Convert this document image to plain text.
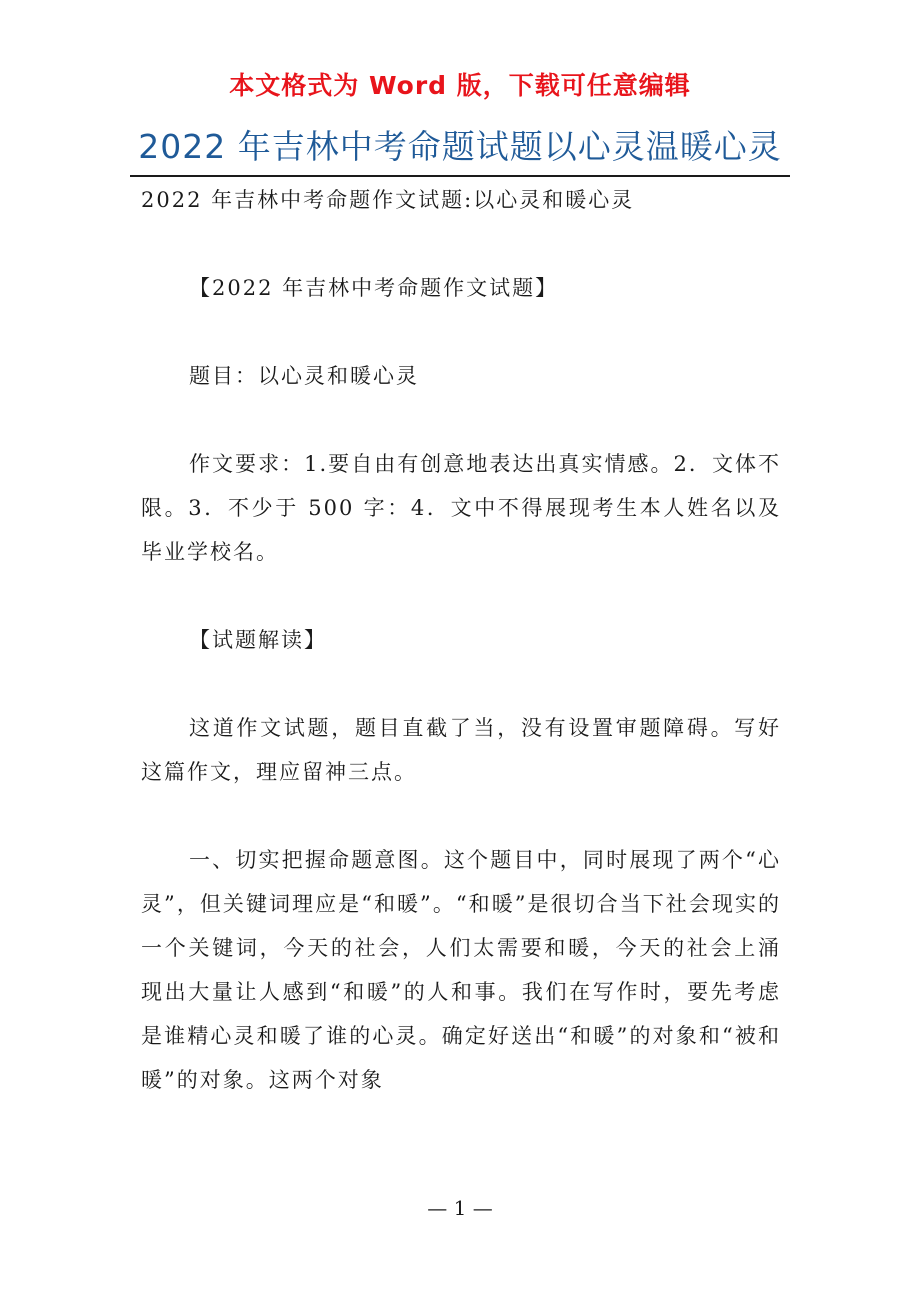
本文格式为 Word 版，下载可任意编辑
2022 年吉林中考命题试题以心灵温暖心灵

2022 年吉林中考命题作文试题:以心灵和暖心灵

【2022 年吉林中考命题作文试题】

题目：以心灵和暖心灵

作文要求：1.要自由有创意地表达出真实情感。2．文体不限。3．不少于 500 字：4．文中不得展现考生本人姓名以及毕业学校名。

【试题解读】

这道作文试题，题目直截了当，没有设置审题障碍。写好这篇作文，理应留神三点。

一、切实把握命题意图。这个题目中，同时展现了两个“心灵”，但关键词理应是“和暖”。“和暖”是很切合当下社会现实的一个关键词，今天的社会，人们太需要和暖，今天的社会上涌现出大量让人感到“和暖”的人和事。我们在写作时，要先考虑是谁精心灵和暖了谁的心灵。确定好送出“和暖”的对象和“被和暖”的对象。这两个对象

— 1 —
